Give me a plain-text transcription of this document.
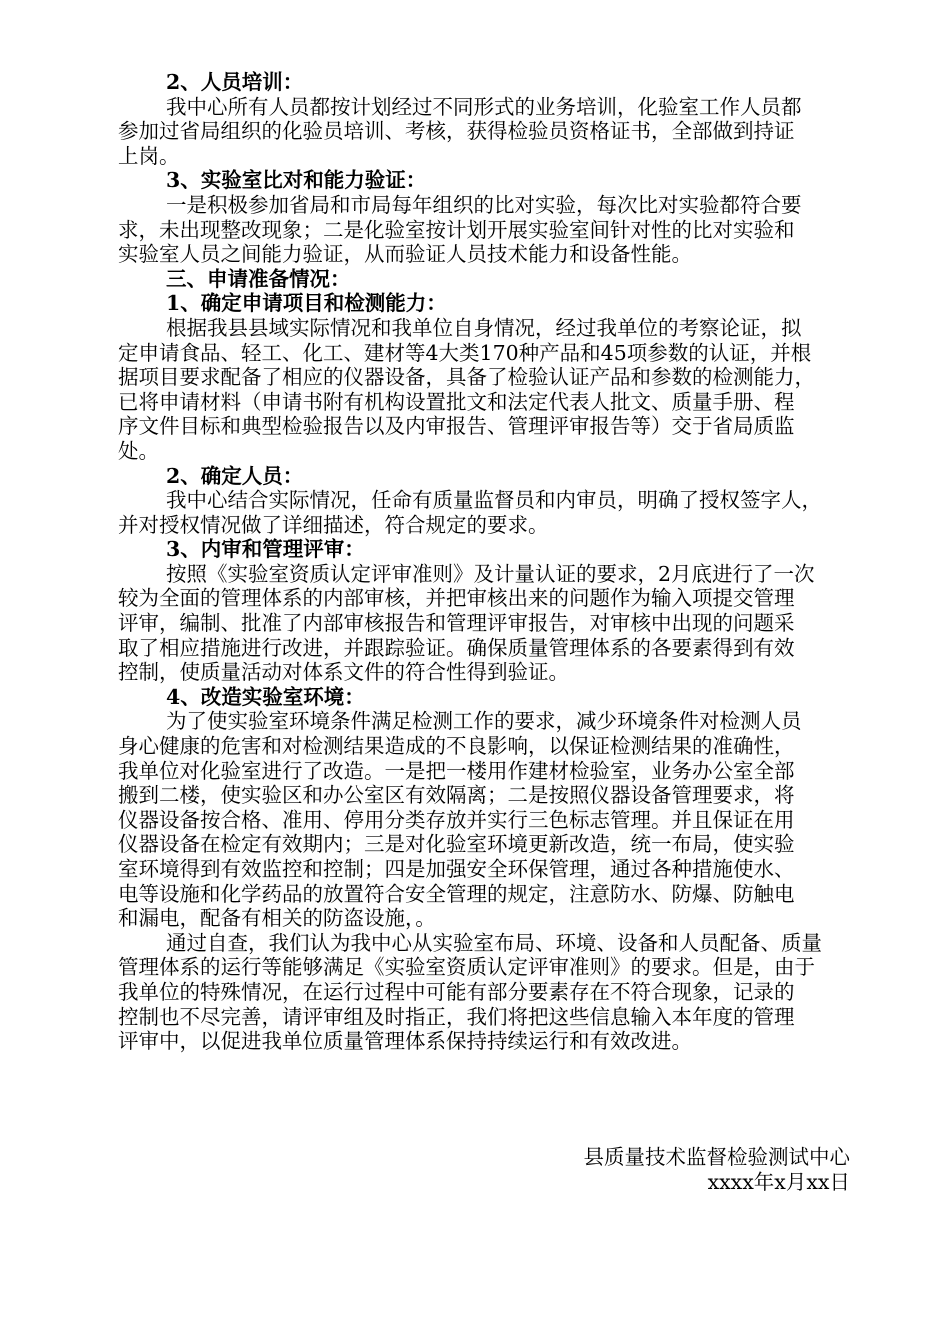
2、人员培训：
我中心所有人员都按计划经过不同形式的业务培训，化验室工作人员都
参加过省局组织的化验员培训、考核，获得检验员资格证书，全部做到持证
上岗。
3、实验室比对和能力验证：
一是积极参加省局和市局每年组织的比对实验，每次比对实验都符合要
求，未出现整改现象；二是化验室按计划开展实验室间针对性的比对实验和
实验室人员之间能力验证，从而验证人员技术能力和设备性能。
三、申请准备情况：
1、确定申请项目和检测能力：
根据我县县域实际情况和我单位自身情况，经过我单位的考察论证，拟
定申请食品、轻工、化工、建材等4大类170种产品和45项参数的认证，并根
据项目要求配备了相应的仪器设备，具备了检验认证产品和参数的检测能力，
已将申请材料（申请书附有机构设置批文和法定代表人批文、质量手册、程
序文件目标和典型检验报告以及内审报告、管理评审报告等）交于省局质监
处。
2、确定人员：
我中心结合实际情况，任命有质量监督员和内审员，明确了授权签字人，
并对授权情况做了详细描述，符合规定的要求。
3、内审和管理评审：
按照《实验室资质认定评审准则》及计量认证的要求，2月底进行了一次
较为全面的管理体系的内部审核，并把审核出来的问题作为输入项提交管理
评审，编制、批准了内部审核报告和管理评审报告，对审核中出现的问题采
取了相应措施进行改进，并跟踪验证。确保质量管理体系的各要素得到有效
控制，使质量活动对体系文件的符合性得到验证。
4、改造实验室环境：
为了使实验室环境条件满足检测工作的要求，减少环境条件对检测人员
身心健康的危害和对检测结果造成的不良影响，以保证检测结果的准确性，
我单位对化验室进行了改造。一是把一楼用作建材检验室，业务办公室全部
搬到二楼，使实验区和办公室区有效隔离；二是按照仪器设备管理要求，将
仪器设备按合格、准用、停用分类存放并实行三色标志管理。并且保证在用
仪器设备在检定有效期内；三是对化验室环境更新改造，统一布局，使实验
室环境得到有效监控和控制；四是加强安全环保管理，通过各种措施使水、
电等设施和化学药品的放置符合安全管理的规定，注意防水、防爆、防触电
和漏电，配备有相关的防盗设施，。
通过自查，我们认为我中心从实验室布局、环境、设备和人员配备、质量
管理体系的运行等能够满足《实验室资质认定评审准则》的要求。但是，由于
我单位的特殊情况，在运行过程中可能有部分要素存在不符合现象，记录的
控制也不尽完善，请评审组及时指正，我们将把这些信息输入本年度的管理
评审中，以促进我单位质量管理体系保持持续运行和有效改进。
县质量技术监督检验测试中心
xxxx年x月xx日
